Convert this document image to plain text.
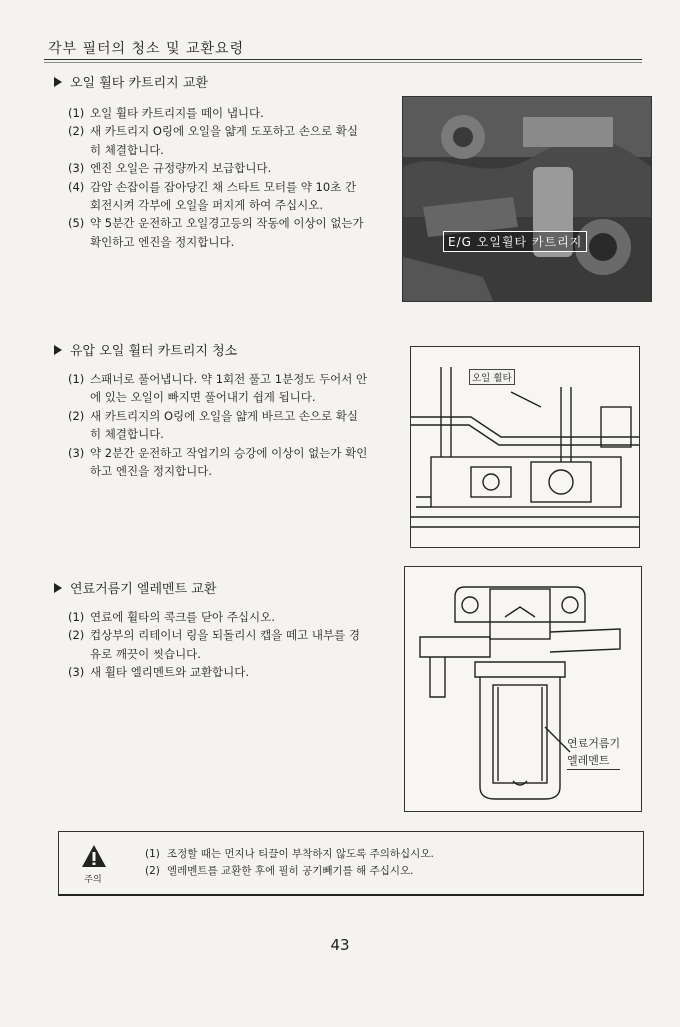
각부 필터의 청소 및 교환요령
오일 휠타 카트리지 교환
(1) 오일 휠타 카트리지를 떼이 냅니다.
(2) 새 카트리지 O링에 오일을 얇게 도포하고 손으로 확실히 체결합니다.
(3) 엔진 오일은 규정량까지 보급합니다.
(4) 감압 손잡이를 잡아당긴 채 스타트 모터를 약 10초 간 회전시켜 각부에 오일을 퍼지게 하여 주십시오.
(5) 약 5분간 운전하고 오일경고등의 작동에 이상이 없는가 확인하고 엔진을 정지합니다.	E/G 오일휠타 카트리지
유압 오일 휠터 카트리지 청소
(1) 스패너로 풀어냅니다. 약 1회전 풀고 1분정도 두어서 안에 있는 오일이 빠지면 풀어내기 쉽게 됩니다.
(2) 새 카트리지의 O링에 오일을 얇게 바르고 손으로 확실히 체결합니다.
(3) 약 2분간 운전하고 작업기의 승강에 이상이 없는가 확인하고 엔진을 정지합니다.
오일 휠타
연료거름기 엘레멘트 교환
(1) 연료에 휠타의 콕크를 닫아 주십시오.
(2) 컵상부의 리테이너 링을 되돌리시 캡을 떼고 내부를 경유로 깨끗이 씻습니다.
(3) 새 휠타 엘리멘트와 교환합니다.
연료거름기
엘레멘트
주의
(1) 조정할 때는 먼지나 티끌이 부착하지 않도록 주의하십시오.
(2) 엘레멘트를 교환한 후에 필히 공기빼기를 해 주십시오.
43
